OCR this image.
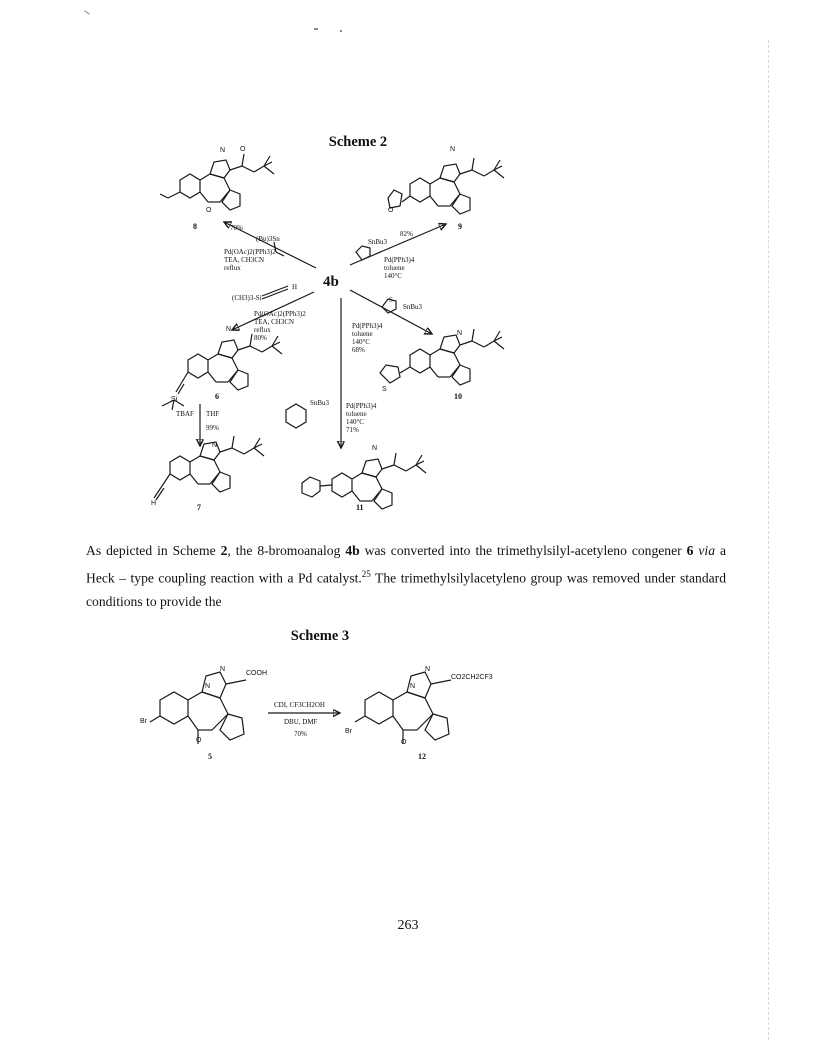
Scheme 2
8	9
6	10
7	11
4b
70%
(Bu)3Sn
Pd(OAc)2(PPh3)2
TEA, CH3CN
reflux
82%
SnBu3
Pd(PPh3)4
toluene
140°C
(CH3)3-Si
H
Pd(OAc)2(PPh3)2
TEA, CH3CN
reflux
80%
SnBu3
S
Pd(PPh3)4
toluene
140°C
68%
TBAF THF
99%
SnBu3 Pd(PPh3)4
toluene
140°C
71%
N O
O
N
O
N
Si
N
S
N
H
N

As depicted in Scheme 2, the 8-bromoanalog 4b was converted into the trimethylsilyl-acetyleno congener 6 via a Heck – type coupling reaction with a Pd catalyst.$^{25}$ The trimethylsilylacetyleno group was removed under standard conditions to provide the

Scheme 3
N
N
COOH
Br
O
N
N
CO2CH2CF3
Br
O
CDI, CF3CH2OH
DBU, DMF
70%
5	12
263
